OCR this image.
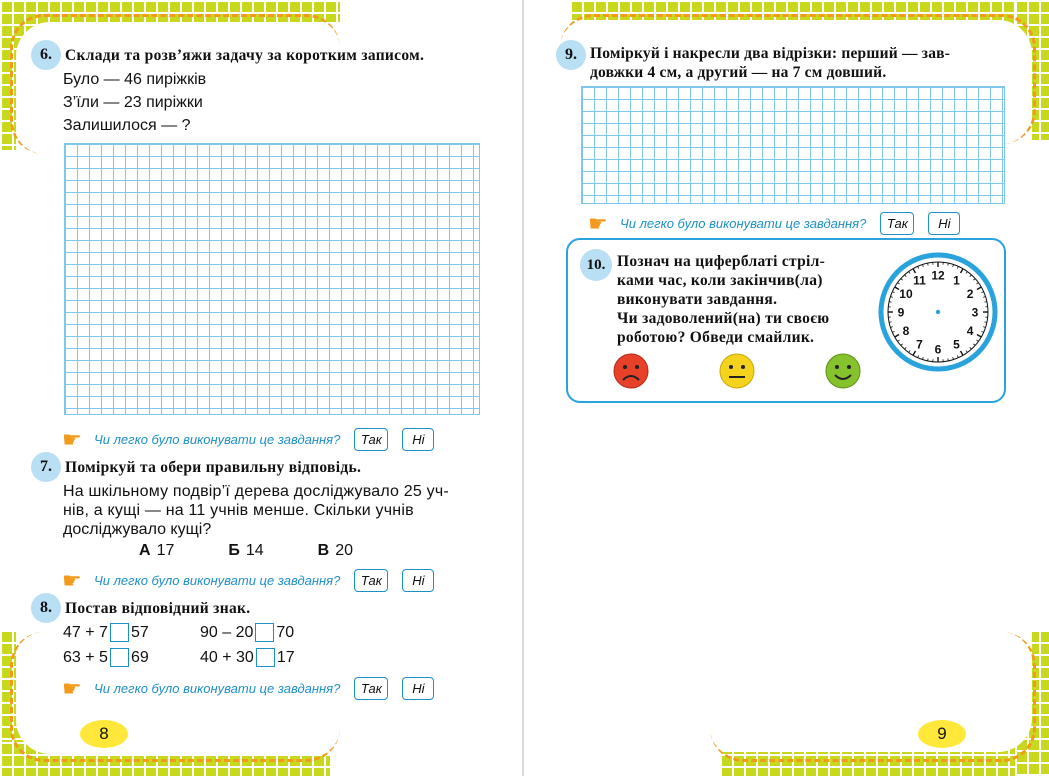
6. Склади та розв’яжи задачу за коротким записом.
Було — 46 пиріжків
З’їли — 23 пиріжки
Залишилося — ?
☛ Чи легко було виконувати це завдання?	Так	Ні
7. Поміркуй та обери правильну відповідь.
На шкільному подвір’ї дерева досліджувало 25 уч-
нів, а кущі — на 11 учнів менше. Скільки учнів
досліджувало кущі?
А 17	Б 14	В 20
☛ Чи легко було виконувати це завдання?	Так	Ні
8. Постав відповідний знак.
47 + 7 57	90 – 20 70
63 + 5 69	40 + 30 17
☛ Чи легко було виконувати це завдання?	Так	Ні
8
9. Поміркуй і накресли два відрізки: перший — зав-
довжки 4 см, а другий — на 7 см довший.
☛ Чи легко було виконувати це завдання?	Так	Ні
10. Познач на циферблаті стріл-
ками час, коли закінчив(ла)
виконувати завдання.
Чи задоволений(на) ти своєю
роботою? Обведи смайлик.
12 1
2
3
4
5
6
7
8
9
10
11
9
